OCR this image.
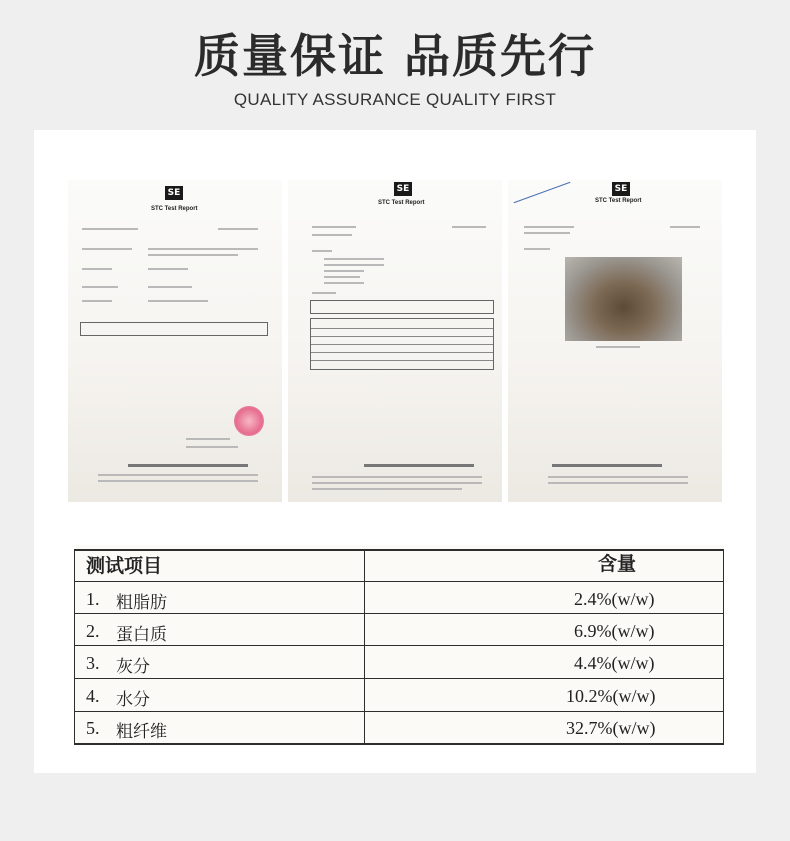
质量保证 品质先行
QUALITY ASSURANCE QUALITY FIRST
SE
STC Test Report
SE
STC Test Report
SE
STC Test Report
测试项目	含量
1. 粗脂肪	2.4%(w/w)
2. 蛋白质	6.9%(w/w)
3. 灰分	4.4%(w/w)
4. 水分	10.2%(w/w)
5. 粗纤维	32.7%(w/w)
